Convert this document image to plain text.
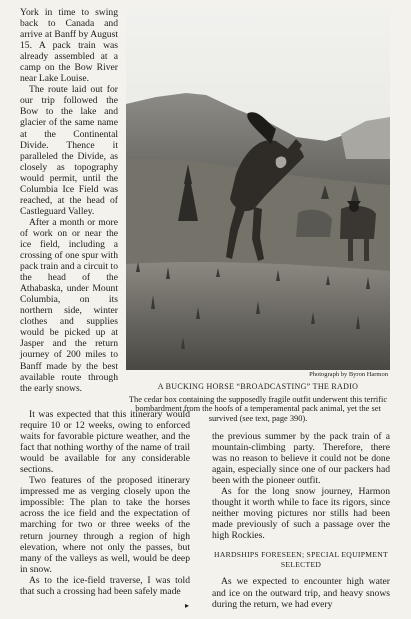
York in time to swing back to Canada and arrive at Banff by August 15. A pack train was already assembled at a camp on the Bow River near Lake Louise.

The route laid out for our trip followed the Bow to the lake and glacier of the same name at the Continental Divide. Thence it paralleled the Divide, as closely as topography would permit, until the Columbia Ice Field was reached, at the head of Castleguard Valley.

After a month or more of work on or near the ice field, including a crossing of one spur with pack train and a circuit to the head of the Athabaska, under Mount Columbia, on its northern side, winter clothes and supplies would be picked up at Jasper and the return journey of 200 miles to Banff made by the best available route through the early snows.

Photograph by Byron Harmon
A BUCKING HORSE “BROADCASTING” THE RADIO
The cedar box containing the supposedly fragile outfit underwent this terrific bombardment from the hoofs of a temperamental pack animal, yet the set survived (see text, page 390).

It was expected that this itinerary would require 10 or 12 weeks, owing to enforced waits for favorable picture weather, and the fact that nothing worthy of the name of trail would be available for any considerable sections.

Two features of the proposed itinerary impressed me as verging closely upon the impossible: The plan to take the horses across the ice field and the expectation of marching for two or three weeks of the return journey through a region of high elevation, where not only the passes, but many of the valleys as well, would be deep in snow.

As to the ice-field traverse, I was told that such a crossing had been safely made

the previous summer by the pack train of a mountain-climbing party. Therefore, there was no reason to believe it could not be done again, especially since one of our packers had been with the pioneer outfit.

As for the long snow journey, Harmon thought it worth while to face its rigors, since neither moving pictures nor stills had been made previously of such a passage over the high Rockies.

HARDSHIPS FORESEEN; SPECIAL EQUIPMENT SELECTED

As we expected to encounter high water and ice on the outward trip, and heavy snows during the return, we had every

▸
